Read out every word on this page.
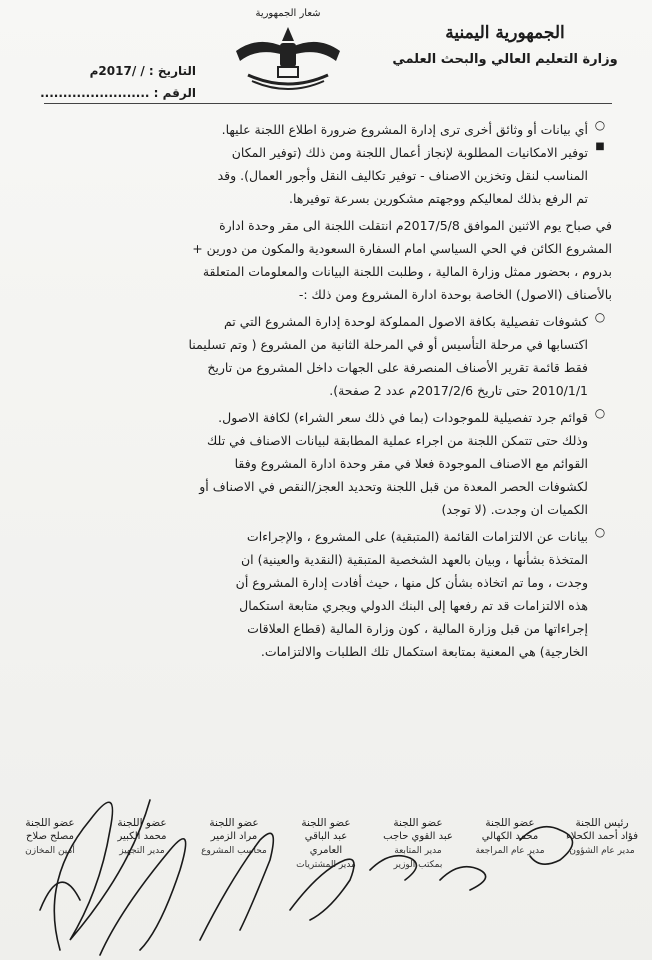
الجمهورية اليمنية
وزارة التعليم العالي والبحث العلمي
شعار الجمهورية
التاريخ : / /2017م
الرقم : ........................
○
أي بيانات أو وثائق أخرى ترى إدارة المشروع ضرورة اطلاع اللجنة عليها.
■
توفير الامكانيات المطلوبة لإنجاز أعمال اللجنة ومن ذلك (توفير المكان
المناسب لنقل وتخزين الاصناف - توفير تكاليف النقل وأجور العمال). وقد
تم الرفع بذلك لمعاليكم ووجهتم مشكورين بسرعة توفيرها.
في صباح يوم الاثنين الموافق 2017/5/8م انتقلت اللجنة الى مقر وحدة ادارة
المشروع الكائن في الحي السياسي امام السفارة السعودية والمكون من دورين +
بدروم ، بحضور ممثل وزارة المالية ، وطلبت اللجنة البيانات والمعلومات المتعلقة
بالأصناف (الاصول) الخاصة بوحدة ادارة المشروع ومن ذلك :-
○
كشوفات تفصيلية بكافة الاصول المملوكة لوحدة إدارة المشروع التي تم
اكتسابها في مرحلة التأسيس أو في المرحلة الثانية من المشروع ( وتم تسليمنا
فقط قائمة تقرير الأصناف المنصرفة على الجهات داخل المشروع من تاريخ
2010/1/1 حتى تاريخ 2017/2/6م عدد 2 صفحة).
○
قوائم جرد تفصيلية للموجودات (بما في ذلك سعر الشراء) لكافة الاصول.
وذلك حتى تتمكن اللجنة من اجراء عملية المطابقة لبيانات الاصناف في تلك
القوائم مع الاصناف الموجودة فعلا في مقر وحدة ادارة المشروع وفقا
لكشوفات الحصر المعدة من قبل اللجنة وتحديد العجز/النقص في الاصناف أو
الكميات ان وجدت. (لا توجد)
○
بيانات عن الالتزامات القائمة (المتبقية) على المشروع ، والإجراءات
المتخذة بشأنها ، وبيان بالعهد الشخصية المتبقية (النقدية والعينية) ان
وجدت ، وما تم اتخاذه بشأن كل منها ، حيث أفادت إدارة المشروع أن
هذه الالتزامات قد تم رفعها إلى البنك الدولي ويجري متابعة استكمال
إجراءاتها من قبل وزارة المالية ، كون وزارة المالية (قطاع العلاقات
الخارجية) هي المعنية بمتابعة استكمال تلك الطلبات والالتزامات.
رئيس اللجنة
فؤاد أحمد الكحلاء
مدير عام الشؤون
عضو اللجنة
محمد الكهالي
مدير عام المراجعة
عضو اللجنة
عبد القوي حاجب
مدير المتابعة بمكتب الوزير
عضو اللجنة
عبد الباقي العامري
مدير المشتريات
عضو اللجنة
مراد الزمير
محاسب المشروع
عضو اللجنة
محمد الكبير
مدير التجهيز
عضو اللجنة
مصلح صلاح
أمين المخازن
